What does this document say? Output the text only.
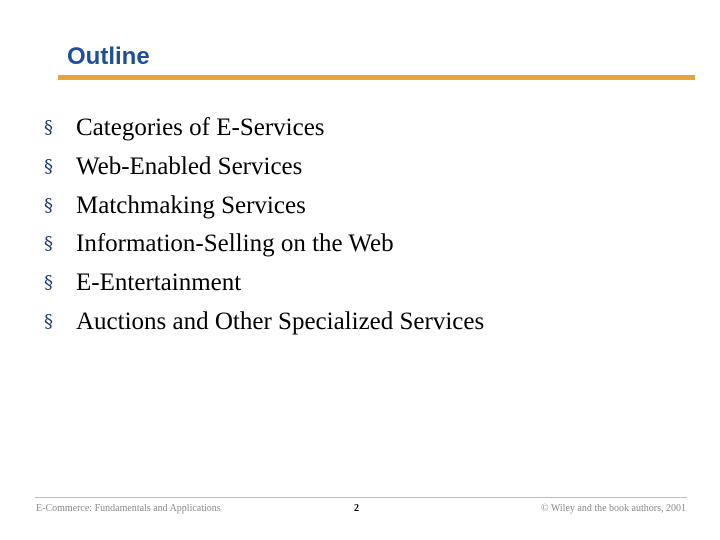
Outline
§ Categories of E-Services
§ Web-Enabled Services
§ Matchmaking Services
§ Information-Selling on the Web
§ E-Entertainment
§ Auctions and Other Specialized Services
E-Commerce: Fundamentals and Applications	2	© Wiley and the book authors, 2001
